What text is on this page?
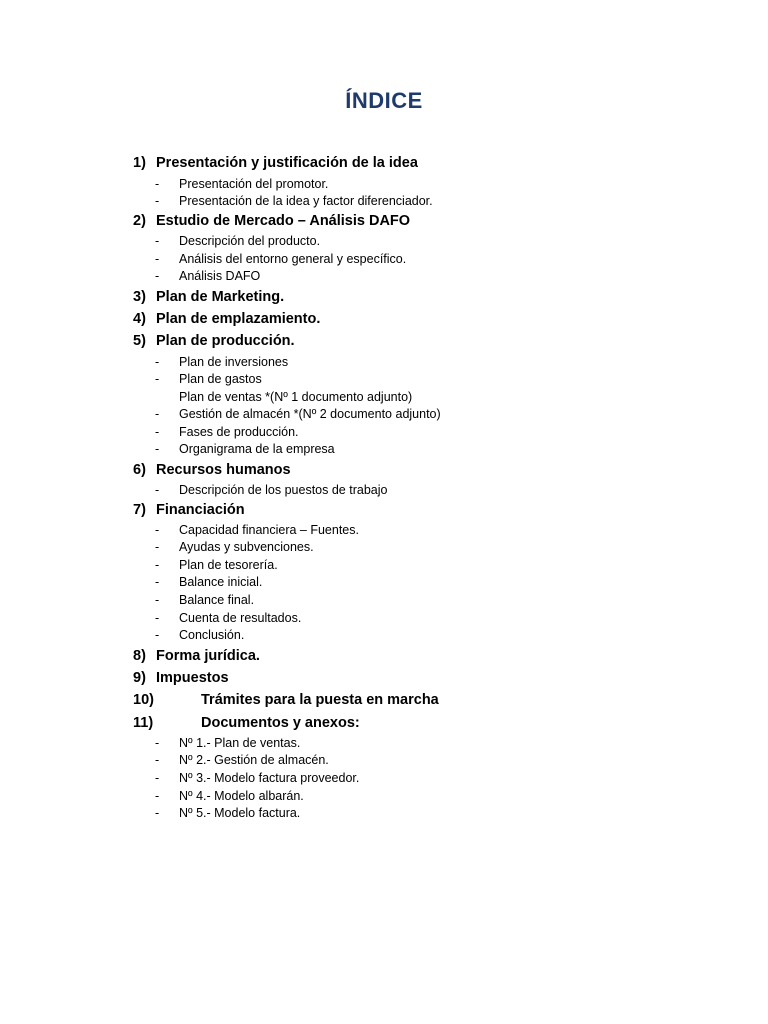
ÍNDICE
1) Presentación y justificación de la idea
- Presentación del promotor.
- Presentación de la idea y factor diferenciador.
2) Estudio de Mercado – Análisis DAFO
- Descripción del producto.
- Análisis del entorno general y específico.
- Análisis DAFO
3) Plan de Marketing.
4) Plan de emplazamiento.
5) Plan de producción.
- Plan de inversiones
- Plan de gastos
Plan de ventas *(Nº 1 documento adjunto)
- Gestión de almacén *(Nº 2 documento adjunto)
- Fases de producción.
- Organigrama de la empresa
6) Recursos humanos
- Descripción de los puestos de trabajo
7) Financiación
- Capacidad financiera – Fuentes.
- Ayudas y subvenciones.
- Plan de tesorería.
- Balance inicial.
- Balance final.
- Cuenta de resultados.
- Conclusión.
8) Forma jurídica.
9) Impuestos
10)	Trámites para la puesta en marcha
11)	Documentos y anexos:
- Nº 1.- Plan de ventas.
- Nº 2.- Gestión de almacén.
- Nº 3.- Modelo factura proveedor.
- Nº 4.- Modelo albarán.
- Nº 5.- Modelo factura.
